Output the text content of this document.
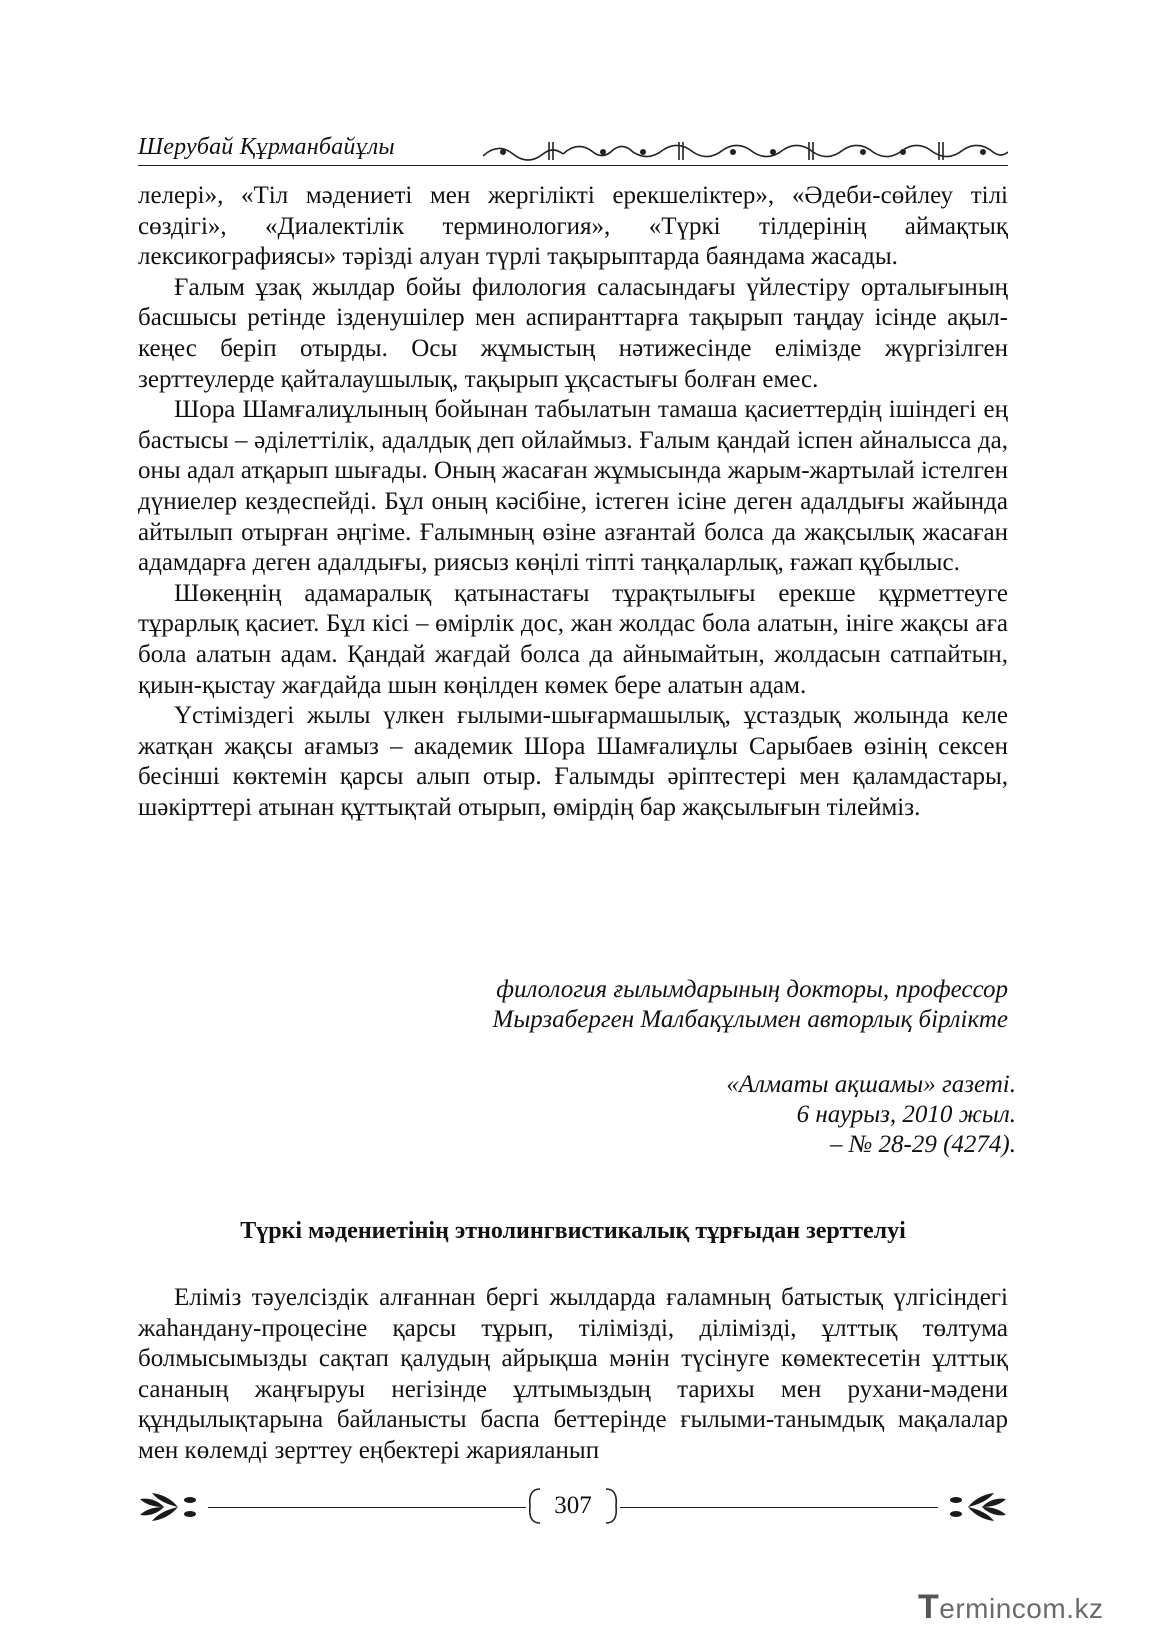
Шерубай Құрманбайұлы

лелері», «Тіл мәдениеті мен жергілікті ерекшеліктер», «Әдеби-сөйлеу тілі сөздігі», «Диалектілік терминология», «Түркі тілдерінің аймақтық лексикографиясы» тәрізді алуан түрлі тақырыптарда баяндама жасады.

Ғалым ұзақ жылдар бойы филология саласындағы үйлестіру орталығының басшысы ретінде ізденушілер мен аспиранттарға тақырып таңдау ісінде ақыл-кеңес беріп отырды. Осы жұмыстың нәтижесінде елімізде жүргізілген зерттеулерде қайталаушылық, тақырып ұқсастығы болған емес.

Шора Шамғалиұлының бойынан табылатын тамаша қасиеттердің ішіндегі ең бастысы – әділеттілік, адалдық деп ойлаймыз. Ғалым қандай іспен айналысса да, оны адал атқарып шығады. Оның жасаған жұмысында жарым-жартылай істелген дүниелер кездеспейді. Бұл оның кәсібіне, істеген ісіне деген адалдығы жайында айтылып отырған әңгіме. Ғалымның өзіне азғантай болса да жақсылық жасаған адамдарға деген адалдығы, риясыз көңілі тіпті таңқаларлық, ғажап құбылыс.

Шөкеңнің адамаралық қатынастағы тұрақтылығы ерекше құрметтеуге тұрарлық қасиет. Бұл кісі – өмірлік дос, жан жолдас бола алатын, інiге жақсы аға бола алатын адам. Қандай жағдай болса да айнымайтын, жолдасын сатпайтын, қиын-қыстау жағдайда шын көңілден көмек бере алатын адам.

Үстіміздегі жылы үлкен ғылыми-шығармашылық, ұстаздық жолында келе жатқан жақсы ағамыз – академик Шора Шамғалиұлы Сарыбаев өзінің сексен бесінші көктемін қарсы алып отыр. Ғалымды әріптестері мен қаламдастары, шәкірттері атынан құттықтай отырып, өмірдің бар жақсылығын тілейміз.

филология ғылымдарының докторы, профессор
Мырзаберген Малбақұлымен авторлық бірлікте
«Алматы ақшамы» газеті.
6 наурыз, 2010 жыл.
– № 28-29 (4274).
Түркі мәдениетінің этнолингвистикалық тұрғыдан зерттелуі

Еліміз тәуелсіздік алғаннан бергі жылдарда ғаламның батыстық үлгісіндегі жаһандану-процесіне қарсы тұрып, тілімізді, ділімізді, ұлттық төлтума болмысымызды сақтап қалудың айрықша мәнін түсінуге көмектесетін ұлттық сананың жаңғыруы негізінде ұлтымыздың тарихы мен рухани-мәдени құндылықтарына байланысты баспа беттерінде ғылыми-танымдық мақалалар мен көлемді зерттеу еңбектері жарияланып

307
Termincom.kz
